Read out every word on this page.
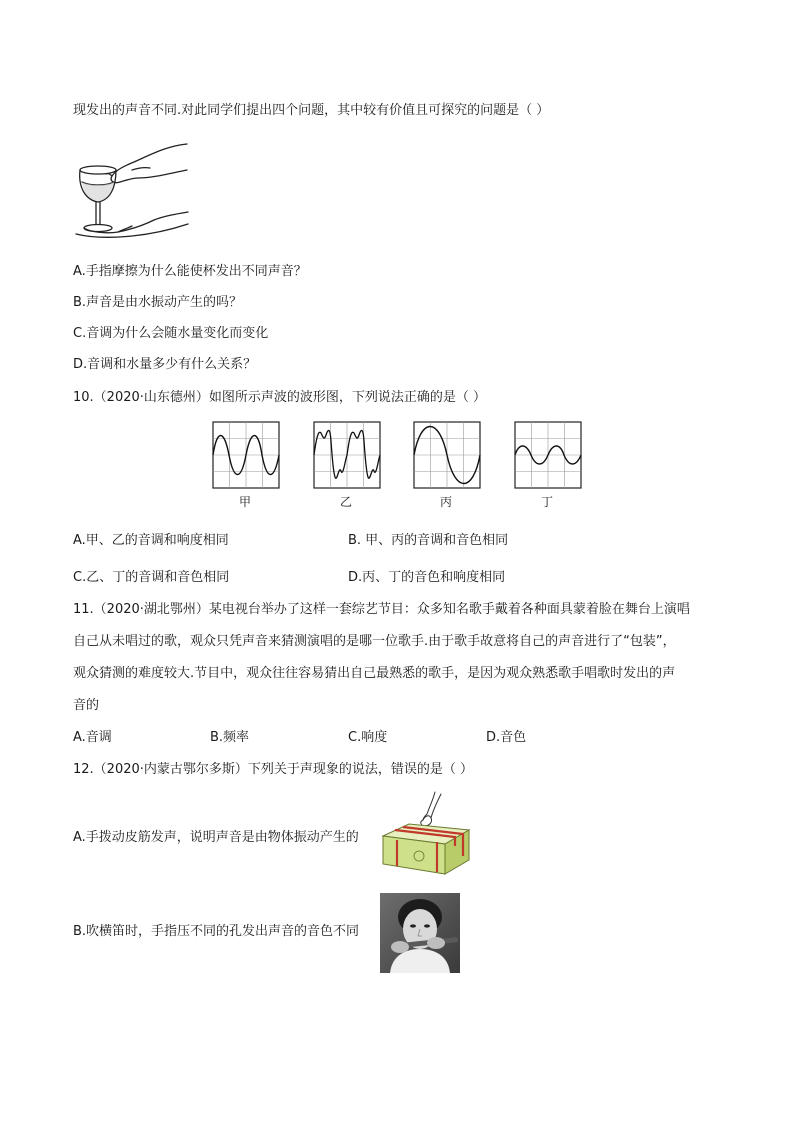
现发出的声音不同.对此同学们提出四个问题，其中较有价值且可探究的问题是（ ）
A.手指摩擦为什么能使杯发出不同声音？
B.声音是由水振动产生的吗？
C.音调为什么会随水量变化而变化
D.音调和水量多少有什么关系？
10.（2020·山东德州）如图所示声波的波形图，下列说法正确的是（ ）
甲	乙	丙	丁
A.甲、乙的音调和响度相同	B. 甲、丙的音调和音色相同
C.乙、丁的音调和音色相同	D.丙、丁的音色和响度相同
11.（2020·湖北鄂州）某电视台举办了这样一套综艺节目：众多知名歌手戴着各种面具蒙着脸在舞台上演唱
自己从未唱过的歌，观众只凭声音来猜测演唱的是哪一位歌手.由于歌手故意将自己的声音进行了“包装”，
观众猜测的难度较大.节目中，观众往往容易猜出自己最熟悉的歌手，是因为观众熟悉歌手唱歌时发出的声
音的
A.音调	B.频率	C.响度	D.音色
12.（2020·内蒙古鄂尔多斯）下列关于声现象的说法，错误的是（ ）
A.手拨动皮筋发声，说明声音是由物体振动产生的
B.吹横笛时，手指压不同的孔发出声音的音色不同
